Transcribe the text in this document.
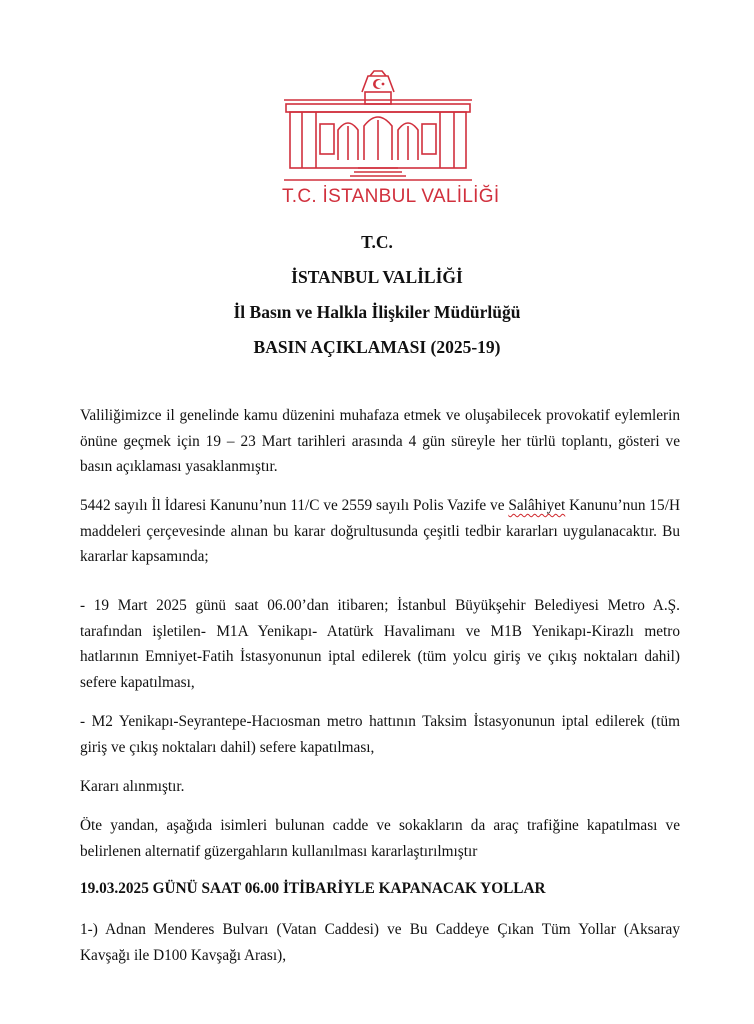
T.C. İSTANBUL VALİLİĞİ
T.C.
İSTANBUL VALİLİĞİ
İl Basın ve Halkla İlişkiler Müdürlüğü
BASIN AÇIKLAMASI (2025-19)
Valiliğimizce il genelinde kamu düzenini muhafaza etmek ve oluşabilecek provokatif eylemlerin önüne geçmek için 19 – 23 Mart tarihleri arasında 4 gün süreyle her türlü toplantı, gösteri ve basın açıklaması yasaklanmıştır.
5442 sayılı İl İdaresi Kanunu’nun 11/C ve 2559 sayılı Polis Vazife ve Salâhiyet Kanunu’nun 15/H maddeleri çerçevesinde alınan bu karar doğrultusunda çeşitli tedbir kararları uygulanacaktır. Bu kararlar kapsamında;
- 19 Mart 2025 günü saat 06.00’dan itibaren; İstanbul Büyükşehir Belediyesi Metro A.Ş. tarafından işletilen- M1A Yenikapı- Atatürk Havalimanı ve M1B Yenikapı-Kirazlı metro hatlarının Emniyet-Fatih İstasyonunun iptal edilerek (tüm yolcu giriş ve çıkış noktaları dahil) sefere kapatılması,
- M2 Yenikapı-Seyrantepe-Hacıosman metro hattının Taksim İstasyonunun iptal edilerek (tüm giriş ve çıkış noktaları dahil) sefere kapatılması,
Kararı alınmıştır.
Öte yandan, aşağıda isimleri bulunan cadde ve sokakların da araç trafiğine kapatılması ve belirlenen alternatif güzergahların kullanılması kararlaştırılmıştır
19.03.2025 GÜNÜ SAAT 06.00 İTİBARİYLE KAPANACAK YOLLAR
1-) Adnan Menderes Bulvarı (Vatan Caddesi) ve Bu Caddeye Çıkan Tüm Yollar (Aksaray Kavşağı ile D100 Kavşağı Arası),
